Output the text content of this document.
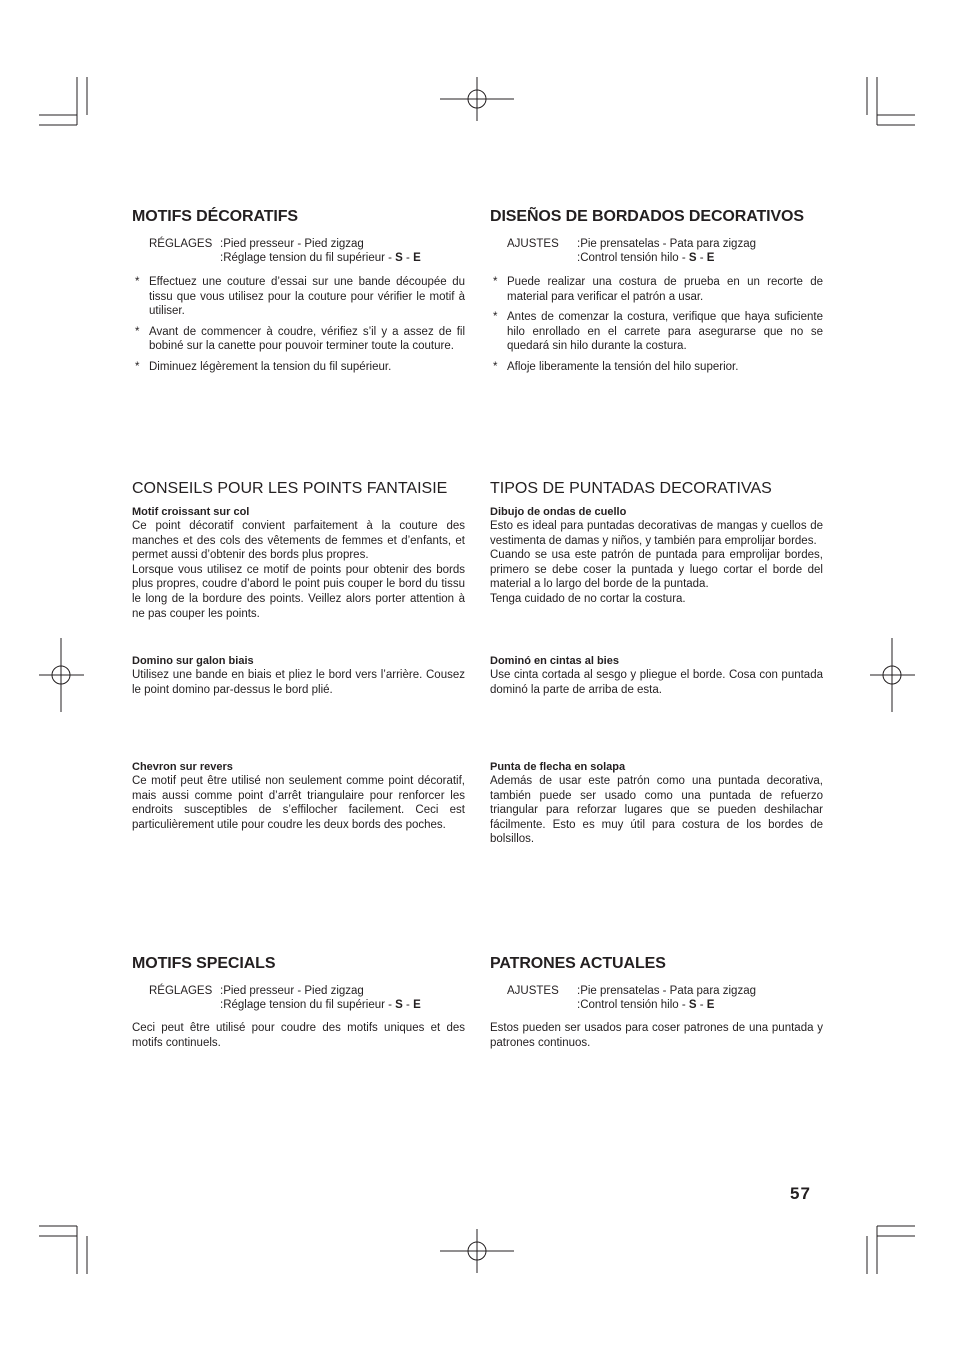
MOTIFS DÉCORATIFS
RÉGLAGES :Pied presseur - Pied zigzag
:Réglage tension du fil supérieur - S - E
* Effectuez une couture d’essai sur une bande découpée du tissu que vous utilisez pour la couture pour vérifier le motif à utiliser.
* Avant de commencer à coudre, vérifiez s’il y a assez de fil bobiné sur la canette pour pouvoir terminer toute la couture.
* Diminuez légèrement la tension du fil supérieur.
CONSEILS POUR LES POINTS FANTAISIE

Motif croissant sur col

Ce point décoratif convient parfaitement à la couture des manches et des cols des vêtements de femmes et d’enfants, et permet aussi d’obtenir des bords plus propres.

Lorsque vous utilisez ce motif de points pour obtenir des bords plus propres, coudre d’abord le point puis couper le bord du tissu le long de la bordure des points. Veillez alors porter attention à ne pas couper les points.

Domino sur galon biais

Utilisez une bande en biais et pliez le bord vers l’arrière. Cousez le point domino par-dessus le bord plié.

Chevron sur revers

Ce motif peut être utilisé non seulement comme point décoratif, mais aussi comme point d’arrêt triangulaire pour renforcer les endroits susceptibles de s’effilocher facilement. Ceci est particulièrement utile pour coudre les deux bords des poches.

MOTIFS SPECIALS
RÉGLAGES :Pied presseur - Pied zigzag
:Réglage tension du fil supérieur - S - E

Ceci peut être utilisé pour coudre des motifs uniques et des motifs continuels.

DISEÑOS DE BORDADOS DECORATIVOS
AJUSTES	:Pie prensatelas - Pata para zigzag
:Control tensión hilo - S - E
* Puede realizar una costura de prueba en un recorte de material para verificar el patrón a usar.
* Antes de comenzar la costura, verifique que haya suficiente hilo enrollado en el carrete para asegurarse que no se quedará sin hilo durante la costura.
* Afloje liberamente la tensión del hilo superior.
TIPOS DE PUNTADAS DECORATIVAS

Dibujo de ondas de cuello

Esto es ideal para puntadas decorativas de mangas y cuellos de vestimenta de damas y niños, y también para emprolijar bordes.

Cuando se usa este patrón de puntada para emprolijar bordes, primero se debe coser la puntada y luego cortar el borde del material a lo largo del borde de la puntada.

Tenga cuidado de no cortar la costura.

Dominó en cintas al bies

Use cinta cortada al sesgo y pliegue el borde. Cosa con puntada dominó la parte de arriba de esta.

Punta de flecha en solapa

Además de usar este patrón como una puntada decorativa, también puede ser usado como una puntada de refuerzo triangular para reforzar lugares que se pueden deshilachar fácilmente. Esto es muy útil para costura de los bordes de bolsillos.

PATRONES ACTUALES
AJUSTES	:Pie prensatelas - Pata para zigzag
:Control tensión hilo - S - E

Estos pueden ser usados para coser patrones de una puntada y patrones continuos.

57
